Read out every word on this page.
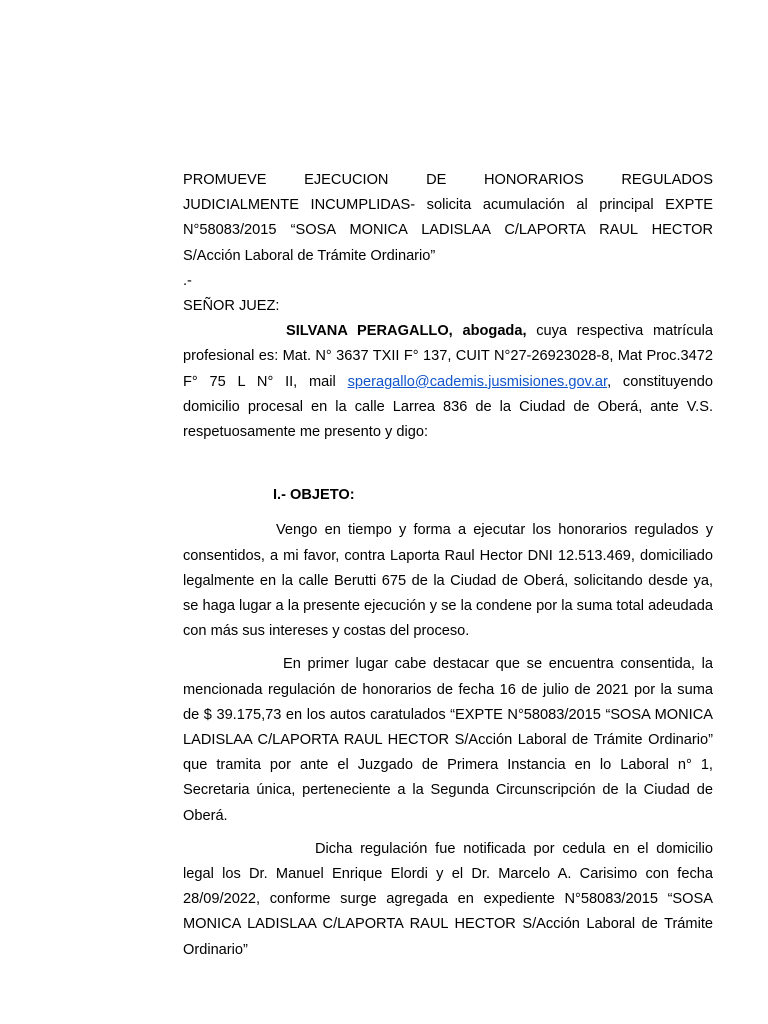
PROMUEVE EJECUCION DE HONORARIOS REGULADOS

JUDICIALMENTE INCUMPLIDAS- solicita acumulación al principal EXPTE N°58083/2015 “SOSA MONICA LADISLAA C/LAPORTA RAUL HECTOR S/Acción Laboral de Trámite Ordinario”

.-

SEÑOR JUEZ:

SILVANA PERAGALLO, abogada, cuya respectiva matrícula profesional es: Mat. N° 3637 TXII F° 137, CUIT N°27-26923028-8, Mat Proc.3472 F° 75 L N° II, mail speragallo@cademis.jusmisiones.gov.ar, constituyendo domicilio procesal en la calle Larrea 836 de la Ciudad de Oberá, ante V.S. respetuosamente me presento y digo:

I.- OBJETO:

Vengo en tiempo y forma a ejecutar los honorarios regulados y consentidos, a mi favor, contra Laporta Raul Hector DNI 12.513.469, domiciliado legalmente en la calle Berutti 675 de la Ciudad de Oberá, solicitando desde ya, se haga lugar a la presente ejecución y se la condene por la suma total adeudada con más sus intereses y costas del proceso.

En primer lugar cabe destacar que se encuentra consentida, la mencionada regulación de honorarios de fecha 16 de julio de 2021 por la suma de $ 39.175,73 en los autos caratulados “EXPTE N°58083/2015 “SOSA MONICA LADISLAA C/LAPORTA RAUL HECTOR S/Acción Laboral de Trámite Ordinario” que tramita por ante el Juzgado de Primera Instancia en lo Laboral n° 1, Secretaria única, perteneciente a la Segunda Circunscripción de la Ciudad de Oberá.

Dicha regulación fue notificada por cedula en el domicilio legal los Dr. Manuel Enrique Elordi y el Dr. Marcelo A. Carisimo con fecha 28/09/2022, conforme surge agregada en expediente N°58083/2015 “SOSA MONICA LADISLAA C/LAPORTA RAUL HECTOR S/Acción Laboral de Trámite Ordinario”
